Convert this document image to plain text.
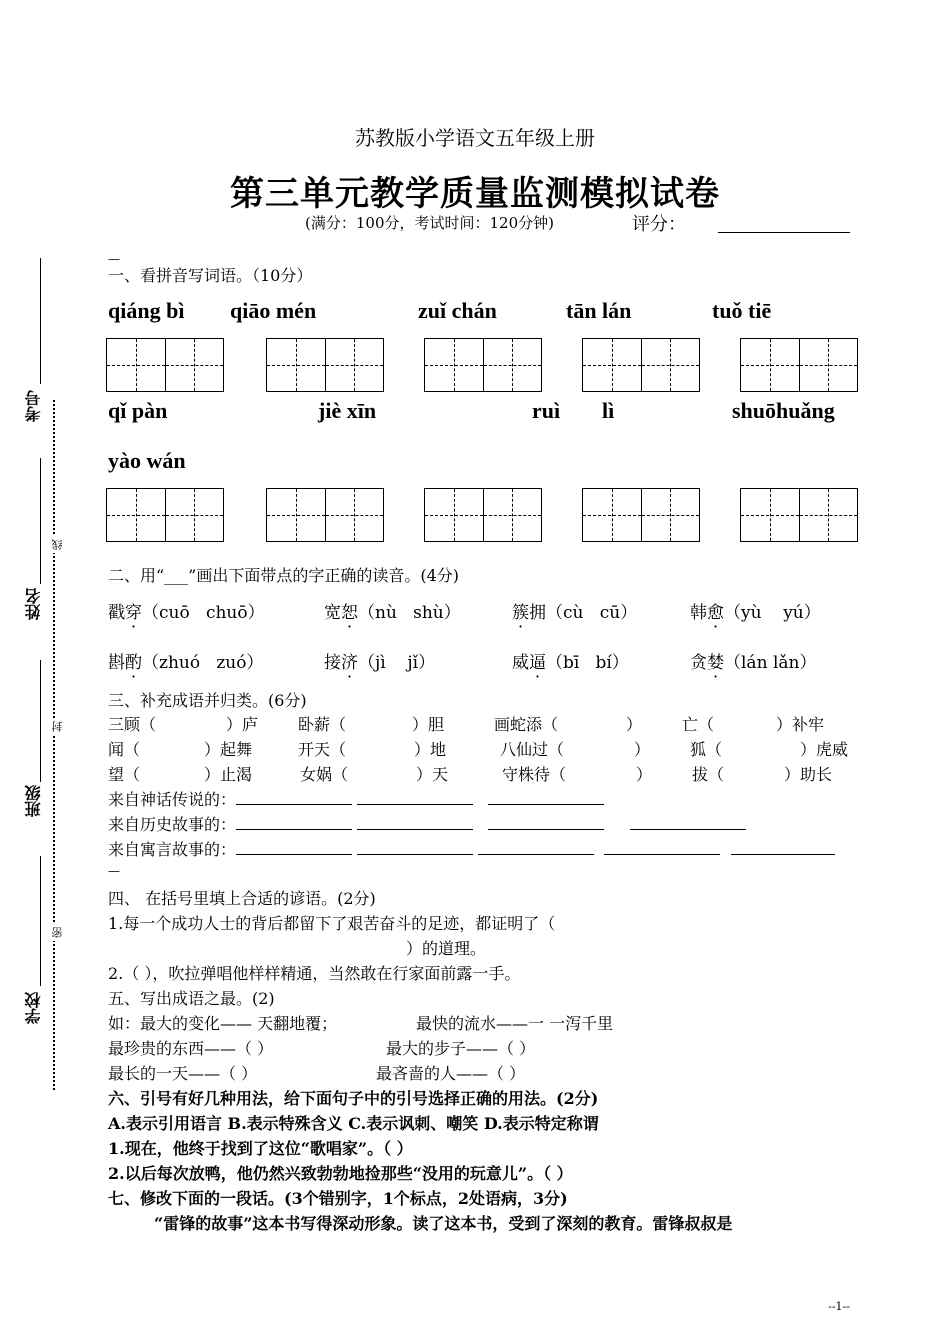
苏教版小学语文五年级上册
第三单元教学质量监测模拟试卷
(满分：100分，考试时间：120分钟)	评分：
考号
姓名
班级
学校
线
封
密
—
一、看拼音写词语。（10分）
qiáng bì qiāo mén	zuǐ chán	tān lán	tuǒ tiē
qǐ pàn	jiè xīn	ruì lì	shuōhuǎng
yào wán
二、用“___”画出下面带点的字正确的读音。(4分)
戳穿（cuō chuō）	宽恕（nù shù）	簇拥（cù cū）	韩愈（yù yú）
斟酌（zhuó zuó）	接济（jì jǐ）	威逼（bī bí）	贪婪（lán lǎn）
三、补充成语并归类。(6分)
三顾（	）庐 卧薪（	）胆	画蛇添（	） 亡（	）补牢
闻（	）起舞	开天（	）地	八仙过（	） 狐（	）虎威
望（	）止渴	女娲（	）天	守株待（	） 拔（	）助长
来自神话传说的：
来自历史故事的：
来自寓言故事的：
—
四、 在括号里填上合适的谚语。(2分)
1.每一个成功人士的背后都留下了艰苦奋斗的足迹，都证明了（
）的道理。
2.（ ），吹拉弹唱他样样精通，当然敢在行家面前露一手。
五、写出成语之最。(2)
如：最大的变化—— 天翻地覆；	最快的流水——一 一泻千里
最珍贵的东西——（ ）	最大的步子——（ ）
最长的一天——（ ）	最吝啬的人——（ ）
六、引号有好几种用法，给下面句子中的引号选择正确的用法。(2分)
A.表示引用语言 B.表示特殊含义 C.表示讽刺、嘲笑 D.表示特定称谓
1.现在，他终于找到了这位“歌唱家”。（ ）
2.以后每次放鸭，他仍然兴致勃勃地捡那些“没用的玩意儿”。（ ）
七、修改下面的一段话。(3个错别字，1个标点，2处语病，3分)
“雷锋的故事”这本书写得深动形象。读了这本书，受到了深刻的教育。雷锋叔叔是
--1--
